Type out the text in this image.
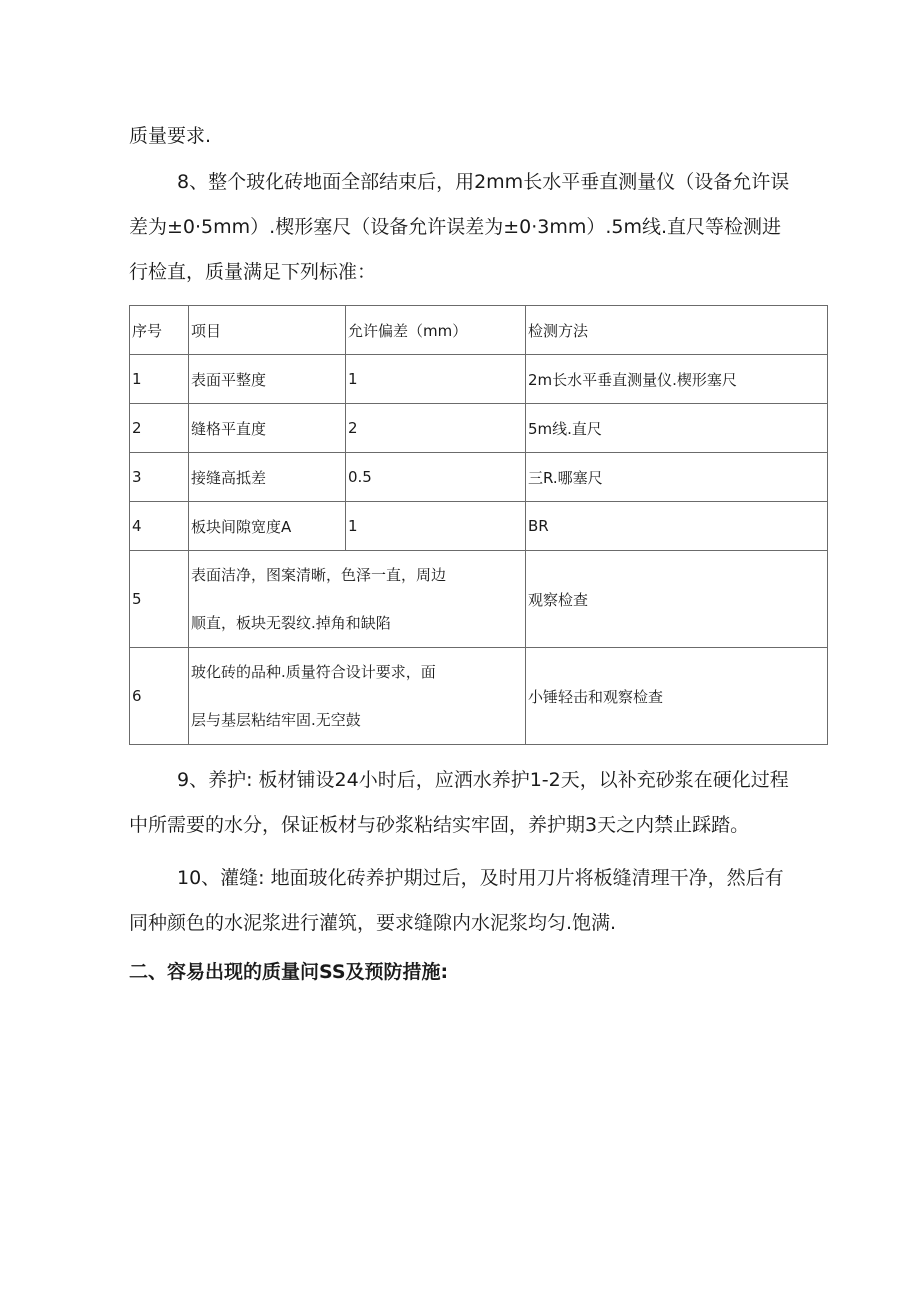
质量要求.

8、整个玻化砖地面全部结束后，用2mm长水平垂直测量仪（设备允许误
差为±0·5mm）.楔形塞尺（设备允许误差为±0·3mm）.5m线.直尺等检测进
行检直，质量满足下列标准：

序号	项目	允许偏差（mm）	检测方法
1	表面平整度	1	2m长水平垂直测量仪.楔形塞尺
2	缝格平直度	2	5m线.直尺
3	接缝高抵差	0.5	三R.哪塞尺
4	板块间隙宽度A	1	BR
5	表面洁净，图案清晰，色泽一直，周边
顺直，板块无裂纹.掉角和缺陷		观察检查
6	玻化砖的品种.质量符合设计要求，面
层与基层粘结牢固.无空鼓		小锤轻击和观察检查

9、养护: 板材铺设24小时后，应洒水养护1-2天，以补充砂浆在硬化过程
中所需要的水分，保证板材与砂浆粘结实牢固，养护期3天之内禁止踩踏。

10、灌缝: 地面玻化砖养护期过后，及时用刀片将板缝清理干净，然后有
同种颜色的水泥浆进行灌筑，要求缝隙内水泥浆均匀.饱满.

二、容易出现的质量问SS及预防措施:
